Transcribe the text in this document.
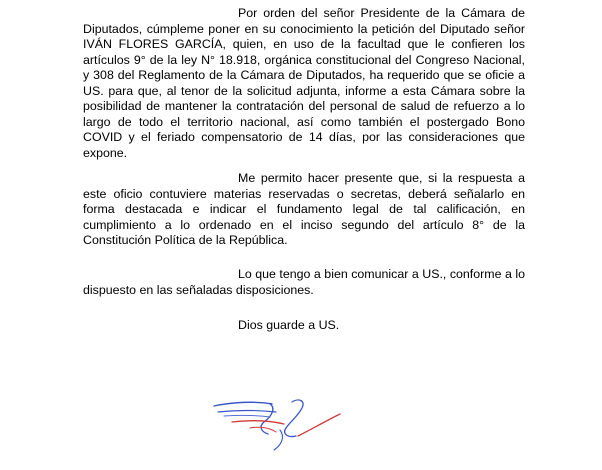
Por orden del señor Presidente de la Cámara de Diputados, cúmpleme poner en su conocimiento la petición del Diputado señor IVÁN FLORES GARCÍA, quien, en uso de la facultad que le confieren los artículos 9° de la ley N° 18.918, orgánica constitucional del Congreso Nacional, y 308 del Reglamento de la Cámara de Diputados, ha requerido que se oficie a US. para que, al tenor de la solicitud adjunta, informe a esta Cámara sobre la posibilidad de mantener la contratación del personal de salud de refuerzo a lo largo de todo el territorio nacional, así como también el postergado Bono COVID y el feriado compensatorio de 14 días, por las consideraciones que expone.

Me permito hacer presente que, si la respuesta a este oficio contuviere materias reservadas o secretas, deberá señalarlo en forma destacada e indicar el fundamento legal de tal calificación, en cumplimiento a lo ordenado en el inciso segundo del artículo 8° de la Constitución Política de la República.

Lo que tengo a bien comunicar a US., conforme a lo dispuesto en las señaladas disposiciones.

Dios guarde a US.
